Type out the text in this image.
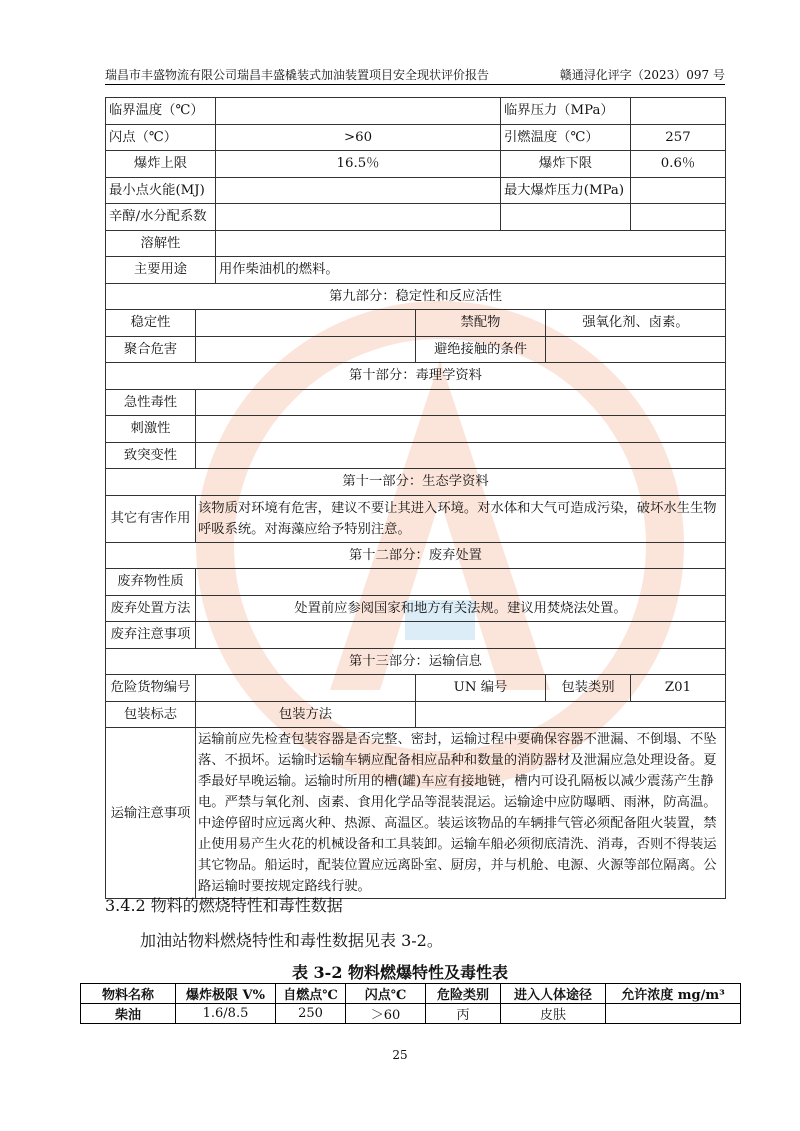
瑞昌市丰盛物流有限公司瑞昌丰盛橇装式加油装置项目安全现状评价报告	赣通浔化评字（2023）097 号
临界温度（℃）				临界压力（MPa）		
闪点（℃）		>60		引燃温度（℃）		257
爆炸上限		16.5％		爆炸下限		0.6％
最小点火能(MJ)				最大爆炸压力(MPa)		
辛醇/水分配系数						
溶解性						
主要用途		用作柴油机的燃料。				
第九部分：稳定性和反应活性						
稳定性			禁配物		强氧化剂、卤素。	
聚合危害			避绝接触的条件			
第十部分：毒理学资料						
急性毒性						
刺激性						
致突变性						
第十一部分：生态学资料						
其它有害作用	该物质对环境有危害，建议不要让其进入环境。对水体和大气可造成污染，破坏水生生物呼吸系统。对海藻应给予特别注意。					
第十二部分：废弃处置						
废弃物性质						
废弃处置方法	处置前应参阅国家和地方有关法规。建议用焚烧法处置。					
废弃注意事项						
第十三部分：运输信息						
危险货物编号			UN 编号		包装类别	Z01
包装标志	包装方法					
运输注意事项	运输前应先检查包装容器是否完整、密封，运输过程中要确保容器不泄漏、不倒塌、不坠落、不损坏。运输时运输车辆应配备相应品种和数量的消防器材及泄漏应急处理设备。夏季最好早晚运输。运输时所用的槽(罐)车应有接地链，槽内可设孔隔板以减少震荡产生静电。严禁与氧化剂、卤素、食用化学品等混装混运。运输途中应防曝晒、雨淋，防高温。中途停留时应远离火种、热源、高温区。装运该物品的车辆排气管必须配备阻火装置，禁止使用易产生火花的机械设备和工具装卸。运输车船必须彻底清洗、消毒，否则不得装运其它物品。船运时，配装位置应远离卧室、厨房，并与机舱、电源、火源等部位隔离。公路运输时要按规定路线行驶。					
3.4.2 物料的燃烧特性和毒性数据

加油站物料燃烧特性和毒性数据见表 3-2。

表 3-2 物料燃爆特性及毒性表
物料名称	爆炸极限 V%	自燃点℃	闪点℃	危险类别	进入人体途径	允许浓度 mg/m³
柴油	1.6/8.5	250	＞60	丙	皮肤	
25
